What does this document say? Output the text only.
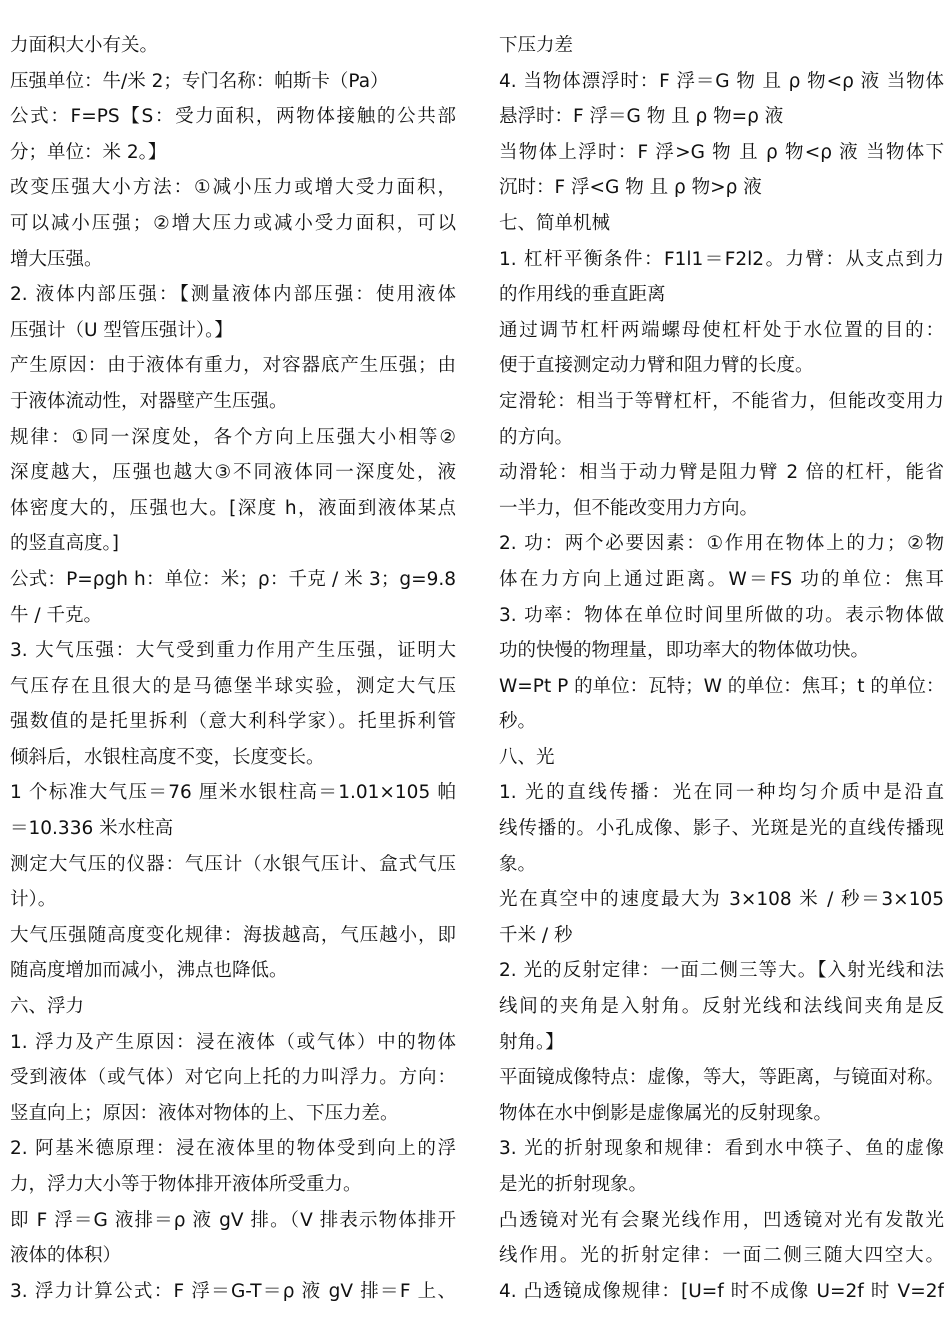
力面积大小有关。
压强单位：牛/米 2；专门名称：帕斯卡（Pa）
公式：F=PS【S：受力面积，两物体接触的公共部
分；单位：米 2。】
改变压强大小方法：①减小压力或增大受力面积，
可以减小压强；②增大压力或减小受力面积，可以
增大压强。
2. 液体内部压强：【测量液体内部压强：使用液体
压强计（U 型管压强计）。】
产生原因：由于液体有重力，对容器底产生压强；由
于液体流动性，对器壁产生压强。
规律：①同一深度处，各个方向上压强大小相等②
深度越大，压强也越大③不同液体同一深度处，液
体密度大的，压强也大。[深度 h，液面到液体某点
的竖直高度。]
公式：P=ρgh h：单位：米；ρ：千克 / 米 3；g=9.8
牛 / 千克。
3. 大气压强：大气受到重力作用产生压强，证明大
气压存在且很大的是马德堡半球实验，测定大气压
强数值的是托里拆利（意大利科学家）。托里拆利管
倾斜后，水银柱高度不变，长度变长。
1 个标准大气压＝76 厘米水银柱高＝1.01×105 帕
＝10.336 米水柱高
测定大气压的仪器：气压计（水银气压计、盒式气压
计）。
大气压强随高度变化规律：海拔越高，气压越小，即
随高度增加而减小，沸点也降低。
六、浮力
1. 浮力及产生原因：浸在液体（或气体）中的物体
受到液体（或气体）对它向上托的力叫浮力。方向：
竖直向上；原因：液体对物体的上、下压力差。
2. 阿基米德原理：浸在液体里的物体受到向上的浮
力，浮力大小等于物体排开液体所受重力。
即 F 浮＝G 液排＝ρ 液 gV 排。（V 排表示物体排开
液体的体积）
3. 浮力计算公式：F 浮＝G-T＝ρ 液 gV 排＝F 上、
下压力差
4. 当物体漂浮时：F 浮＝G 物 且 ρ 物<ρ 液 当物体
悬浮时：F 浮＝G 物 且 ρ 物=ρ 液
当物体上浮时：F 浮>G 物 且 ρ 物<ρ 液 当物体下
沉时：F 浮<G 物 且 ρ 物>ρ 液
七、简单机械
1. 杠杆平衡条件：F1l1＝F2l2。力臂：从支点到力
的作用线的垂直距离
通过调节杠杆两端螺母使杠杆处于水位置的目的：
便于直接测定动力臂和阻力臂的长度。
定滑轮：相当于等臂杠杆，不能省力，但能改变用力
的方向。
动滑轮：相当于动力臂是阻力臂 2 倍的杠杆，能省
一半力，但不能改变用力方向。
2. 功：两个必要因素：①作用在物体上的力；②物
体在力方向上通过距离。W＝FS 功的单位：焦耳
3. 功率：物体在单位时间里所做的功。表示物体做
功的快慢的物理量，即功率大的物体做功快。
W=Pt P 的单位：瓦特；W 的单位：焦耳；t 的单位：
秒。
八、光
1. 光的直线传播：光在同一种均匀介质中是沿直
线传播的。小孔成像、影子、光斑是光的直线传播现
象。
光在真空中的速度最大为 3×108 米 / 秒＝3×105
千米 / 秒
2. 光的反射定律：一面二侧三等大。【入射光线和法
线间的夹角是入射角。反射光线和法线间夹角是反
射角。】
平面镜成像特点：虚像，等大，等距离，与镜面对称。
物体在水中倒影是虚像属光的反射现象。
3. 光的折射现象和规律：看到水中筷子、鱼的虚像
是光的折射现象。
凸透镜对光有会聚光线作用，凹透镜对光有发散光
线作用。光的折射定律：一面二侧三随大四空大。
4. 凸透镜成像规律：[U=f 时不成像 U=2f 时 V=2f
